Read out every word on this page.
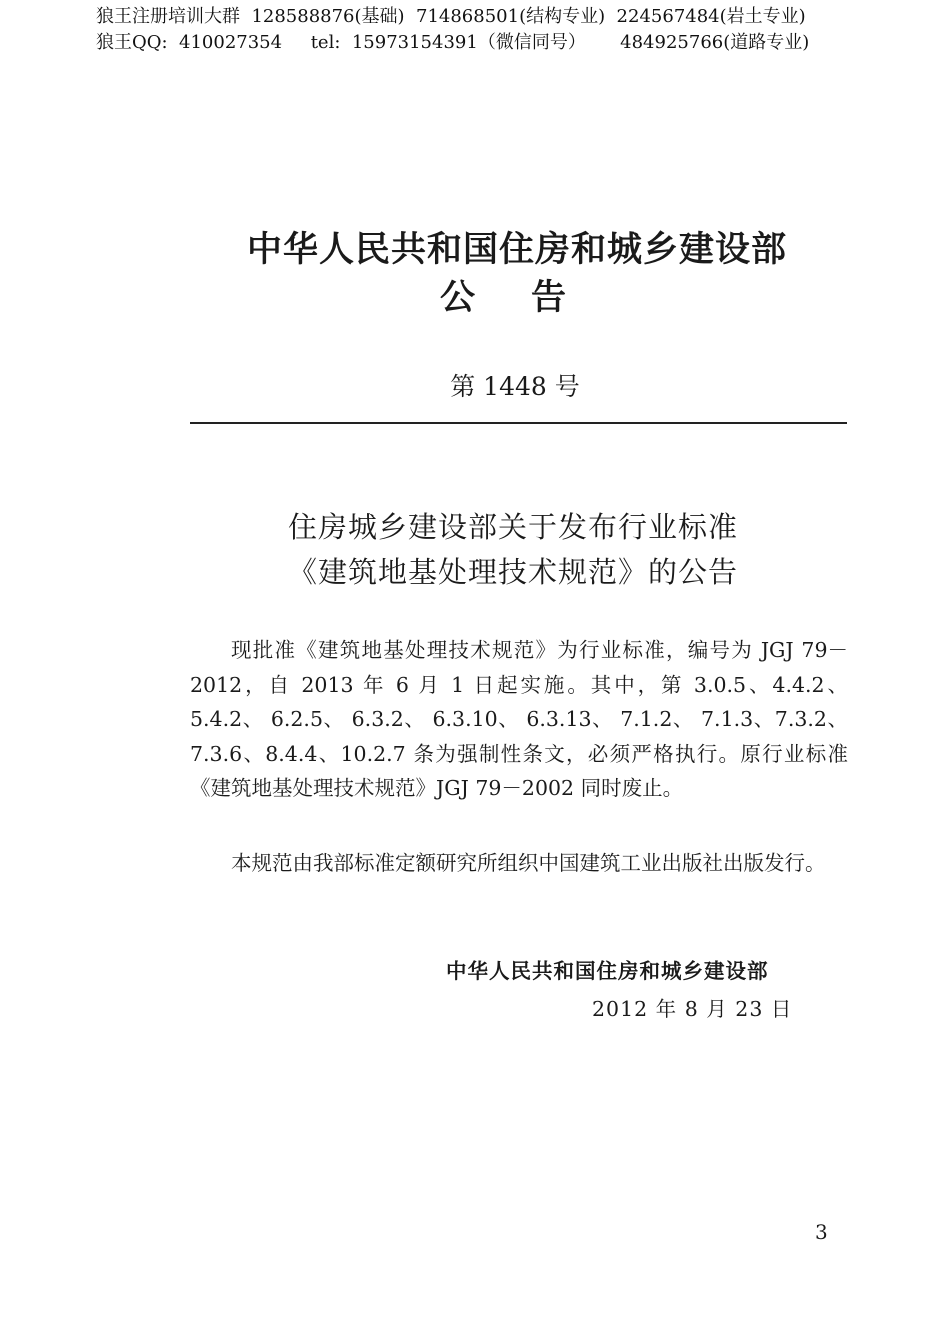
狼王注册培训大群  128588876(基础)  714868501(结构专业)  224567484(岩土专业)
狼王QQ:  410027354     tel:  15973154391（微信同号）      484925766(道路专业)
中华人民共和国住房和城乡建设部
公告
第 1448 号
住房城乡建设部关于发布行业标准
《建筑地基处理技术规范》的公告
现批准《建筑地基处理技术规范》为行业标准，编号为 JGJ 79－2012，自 2013 年 6 月 1 日起实施。其中，第 3.0.5、4.4.2、5.4.2、 6.2.5、 6.3.2、 6.3.10、 6.3.13、 7.1.2、 7.1.3、7.3.2、7.3.6、8.4.4、10.2.7 条为强制性条文，必须严格执行。原行业标准《建筑地基处理技术规范》JGJ 79－2002 同时废止。
本规范由我部标准定额研究所组织中国建筑工业出版社出版发行。
中华人民共和国住房和城乡建设部
2012 年 8 月 23 日
3
